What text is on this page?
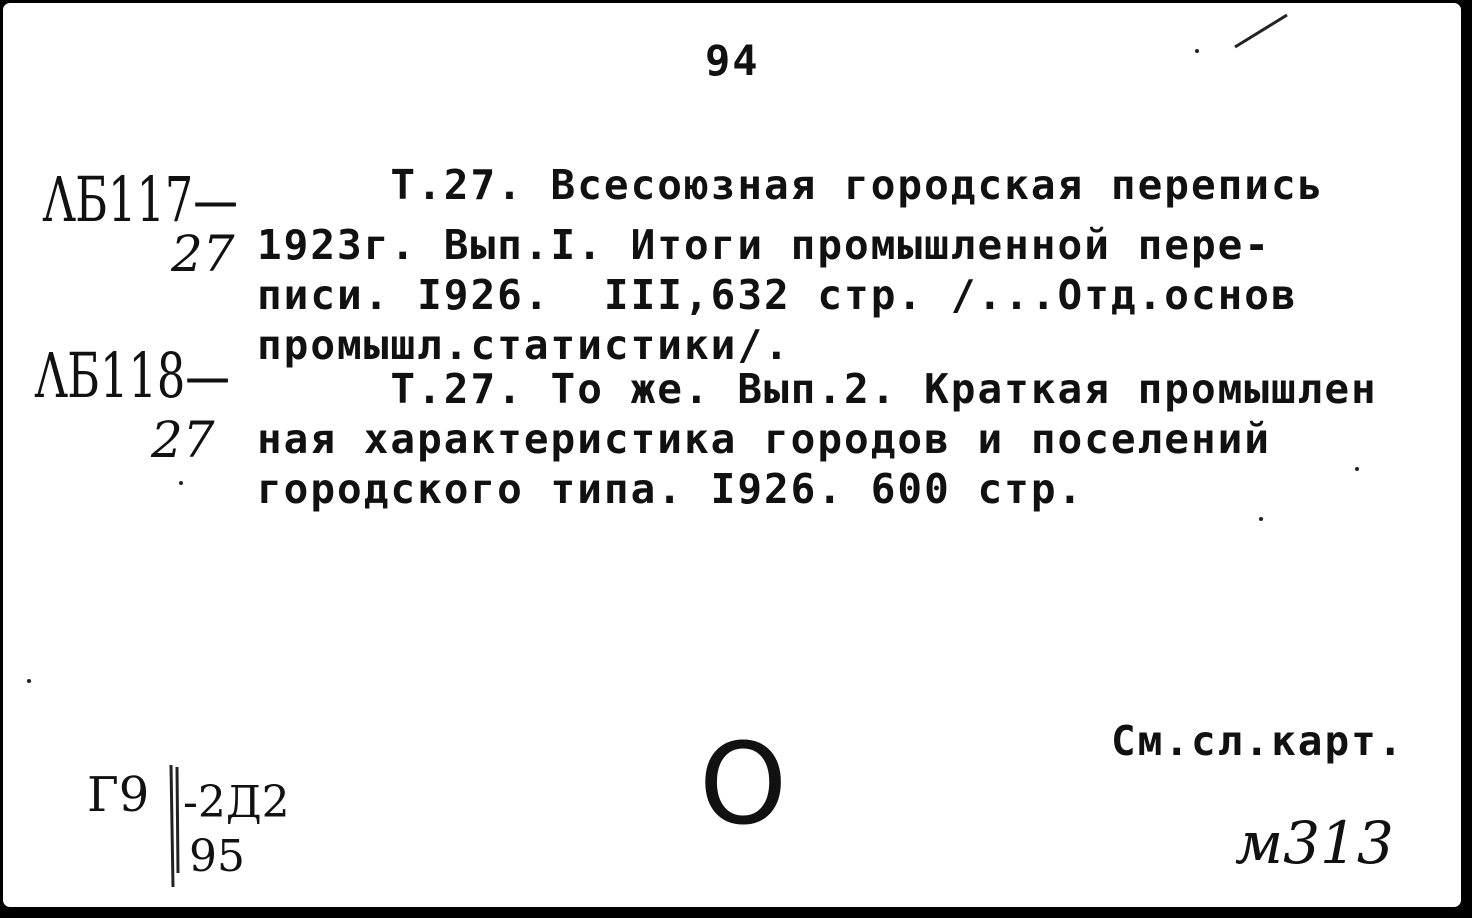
94
ΛБ117—
27
Т.27. Всесоюзная городская перепись
1923г. Вып.I. Итоги промышленной пере-
писи. I926.  III,632 стр. /...Отд.основ
промышл.статистики/.
ΛБ118—
27
Т.27. То же. Вып.2. Краткая промышлен
ная характеристика городов и поселений
городского типа. I926. 600 стр.
См.сл.карт.
Г9 -2Д2
95
O	м313
